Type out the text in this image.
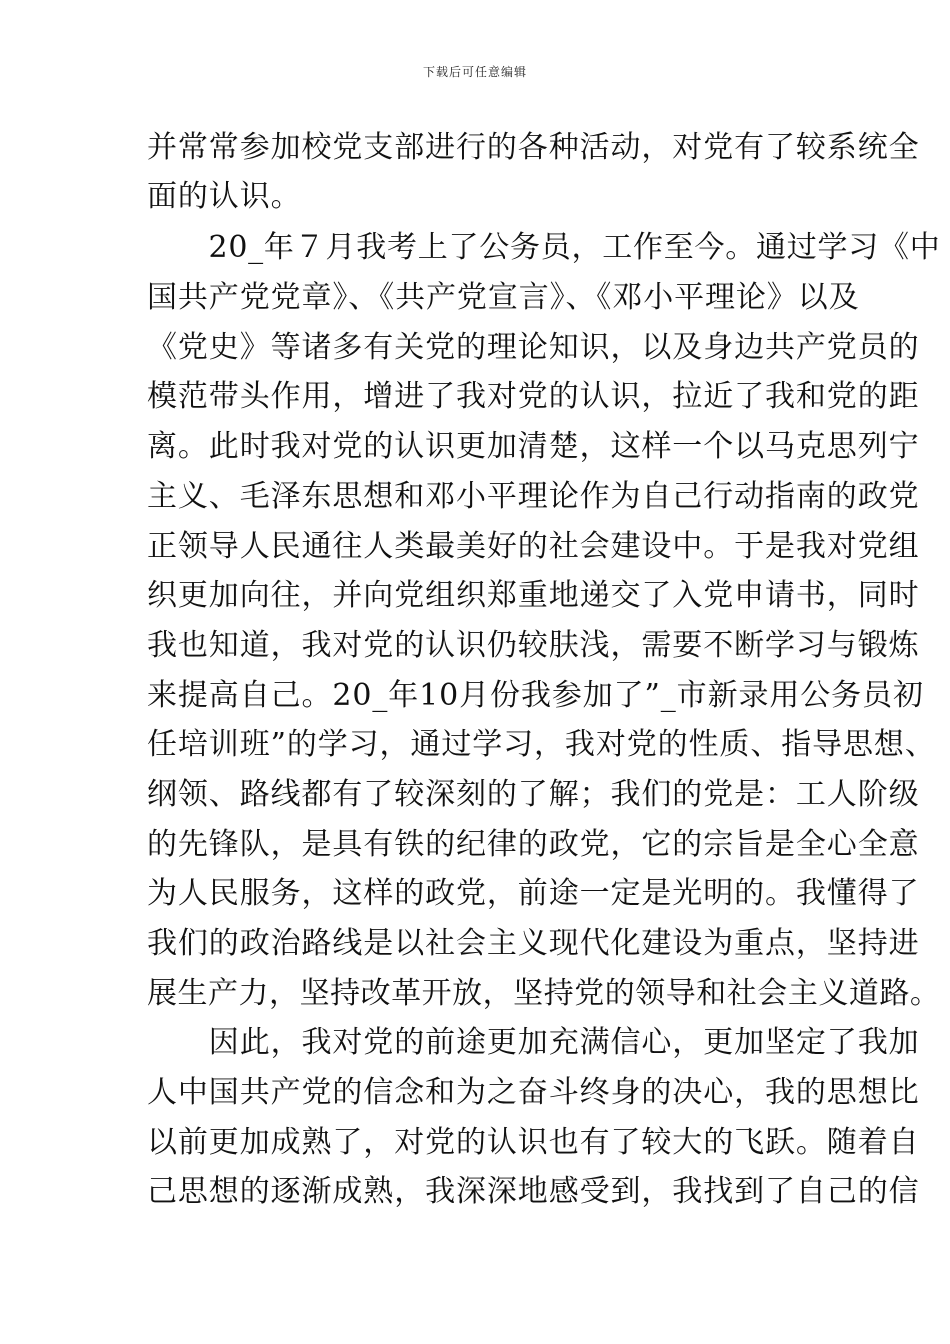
下载后可任意编辑
并常常参加校党支部进行的各种活动，对党有了较系统全
面的认识。
　　20_年７月我考上了公务员，工作至今。通过学习《中
国共产党党章》、《共产党宣言》、《邓小平理论》以及
《党史》等诸多有关党的理论知识，以及身边共产党员的
模范带头作用，增进了我对党的认识，拉近了我和党的距
离。此时我对党的认识更加清楚，这样一个以马克思列宁
主义、毛泽东思想和邓小平理论作为自己行动指南的政党
正领导人民通往人类最美好的社会建设中。于是我对党组
织更加向往，并向党组织郑重地递交了入党申请书，同时
我也知道，我对党的认识仍较肤浅，需要不断学习与锻炼
来提高自己。20_年10月份我参加了”_市新录用公务员初
任培训班”的学习，通过学习，我对党的性质、指导思想、
纲领、路线都有了较深刻的了解；我们的党是：工人阶级
的先锋队，是具有铁的纪律的政党，它的宗旨是全心全意
为人民服务，这样的政党，前途一定是光明的。我懂得了
我们的政治路线是以社会主义现代化建设为重点，坚持进
展生产力，坚持改革开放，坚持党的领导和社会主义道路。
　　因此，我对党的前途更加充满信心，更加坚定了我加
人中国共产党的信念和为之奋斗终身的决心，我的思想比
以前更加成熟了，对党的认识也有了较大的飞跃。随着自
己思想的逐渐成熟，我深深地感受到，我找到了自己的信
